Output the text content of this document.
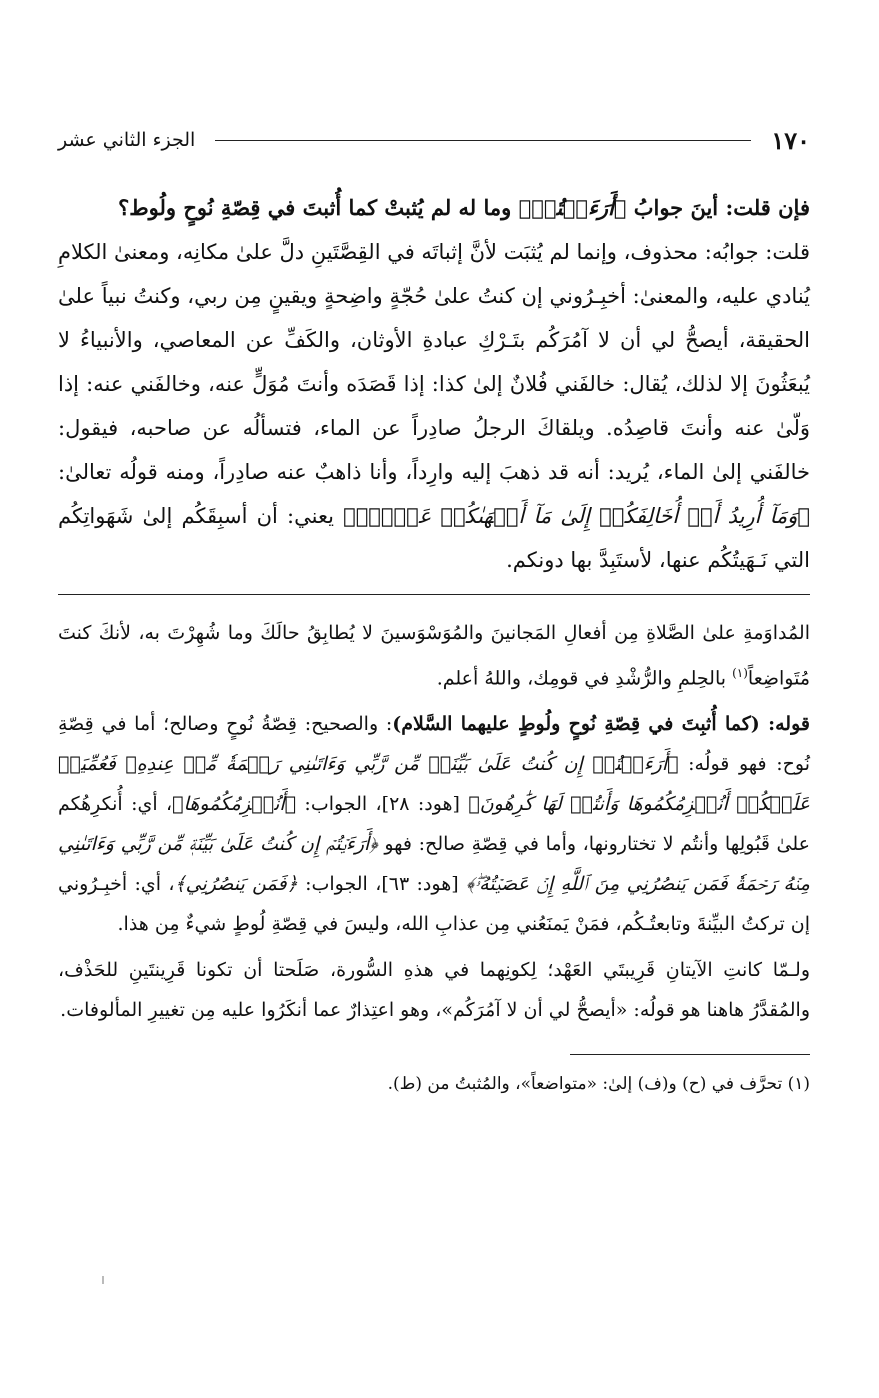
١٧٠
الجزء الثاني عشر

فإن قلت: أينَ جوابُ ﴿أَرَءَيۡتُمۡ﴾ وما له لم يُثبتْ كما أُثبتَ في قِصّةِ نُوحٍ ولُوط؟

قلت: جوابُه: محذوف، وإنما لم يُثبَت لأنَّ إثباتَه في القِصَّتَينِ دلَّ علىٰ مكانِه، ومعنىٰ الكلامِ يُنادي عليه، والمعنىٰ: أخبِـرُوني إن كنتُ علىٰ حُجّةٍ واضِحةٍ ويقينٍ مِن ربي، وكنتُ نبياً علىٰ الحقيقة، أيصحُّ لي أن لا آمُرَكُم بتَـرْكِ عبادةِ الأوثان، والكَفِّ عن المعاصي، والأنبياءُ لا يُبعَثُونَ إلا لذلك، يُقال: خالفَني فُلانٌ إلىٰ كذا: إذا قَصَدَه وأنتَ مُوَلٍّ عنه، وخالفَني عنه: إذا وَلّىٰ عنه وأنتَ قاصِدُه. ويلقاكَ الرجلُ صادِراً عن الماء، فتسألُه عن صاحبه، فيقول: خالفَني إلىٰ الماء، يُريد: أنه قد ذهبَ إليه وارِداً، وأنا ذاهبٌ عنه صادِراً، ومنه قولُه تعالىٰ: ﴿وَمَآ أُرِيدُ أَنۡ أُخَالِفَكُمۡ إِلَىٰ مَآ أَنۡهَىٰكُمۡ عَنۡهُۚ﴾ يعني: أن أسبِقَكُم إلىٰ شَهَواتِكُم التي نَـهَيتُكُم عنها، لأستَبِدَّ بها دونكم.

المُداوَمةِ علىٰ الصَّلاةِ مِن أفعالِ المَجانينَ والمُوَسْوَسينَ لا يُطابِقُ حالَكَ وما شُهِرْتَ به، لأنكَ كنتَ مُتَواضِعاً$^{(١)}$ بالحِلمِ والرُّشْدِ في قومِك، واللهُ أعلم.

قوله: (كما أُثبِتَ في قِصّةِ نُوحٍ ولُوطٍ عليهما السَّلام): والصحيح: قِصّةُ نُوحٍ وصالح؛ أما في قِصّةِ نُوح: فهو قولُه: ﴿أَرَءَيۡتُمۡ إِن كُنتُ عَلَىٰ بَيِّنَةٖ مِّن رَّبِّي وَءَاتَىٰنِي رَحۡمَةٗ مِّنۡ عِندِهِۦ فَعُمِّيَتۡ عَلَيۡكُمۡ أَنُلۡزِمُكُمُوهَا وَأَنتُمۡ لَهَا كَٰرِهُونَ﴾ [هود: ٢٨]، الجواب: ﴿أَنُلۡزِمُكُمُوهَا﴾، أي: أُنكرِهُكم علىٰ قَبُولِها وأنتُم لا تختارونها، وأما في قِصّةِ صالح: فهو ﴿أَرَءَيۡتُمۡ إِن كُنتُ عَلَىٰ بَيِّنَةٖ مِّن رَّبِّي وَءَاتَىٰنِي مِنۡهُ رَحۡمَةٗ فَمَن يَنصُرُنِي مِنَ ٱللَّهِ إِنۡ عَصَيۡتُهُۥۖ﴾ [هود: ٦٣]، الجواب: ﴿فَمَن يَنصُرُنِي﴾، أي: أخبِـرُوني إن تركتُ البيِّنةَ وتابعتُـكُم، فمَنْ يَمنَعُني مِن عذابِ الله، وليسَ في قِصّةِ لُوطٍ شيءٌ مِن هذا.

ولـمّا كانتِ الآيتانِ قَرِيبتَي العَهْد؛ لِكونِهما في هذهِ السُّورة، صَلَحتا أن تكونا قَرِينتَينِ للحَذْف، والمُقدَّرُ هاهنا هو قولُه: «أيصحُّ لي أن لا آمُرَكُم»، وهو اعتِذارٌ عما أنكَرُوا عليه مِن تغييرِ المألوفات.

(١) تحرَّف في (ح) و(ف) إلىٰ: «متواضعاً»، والمُثبتُ من (ط).
